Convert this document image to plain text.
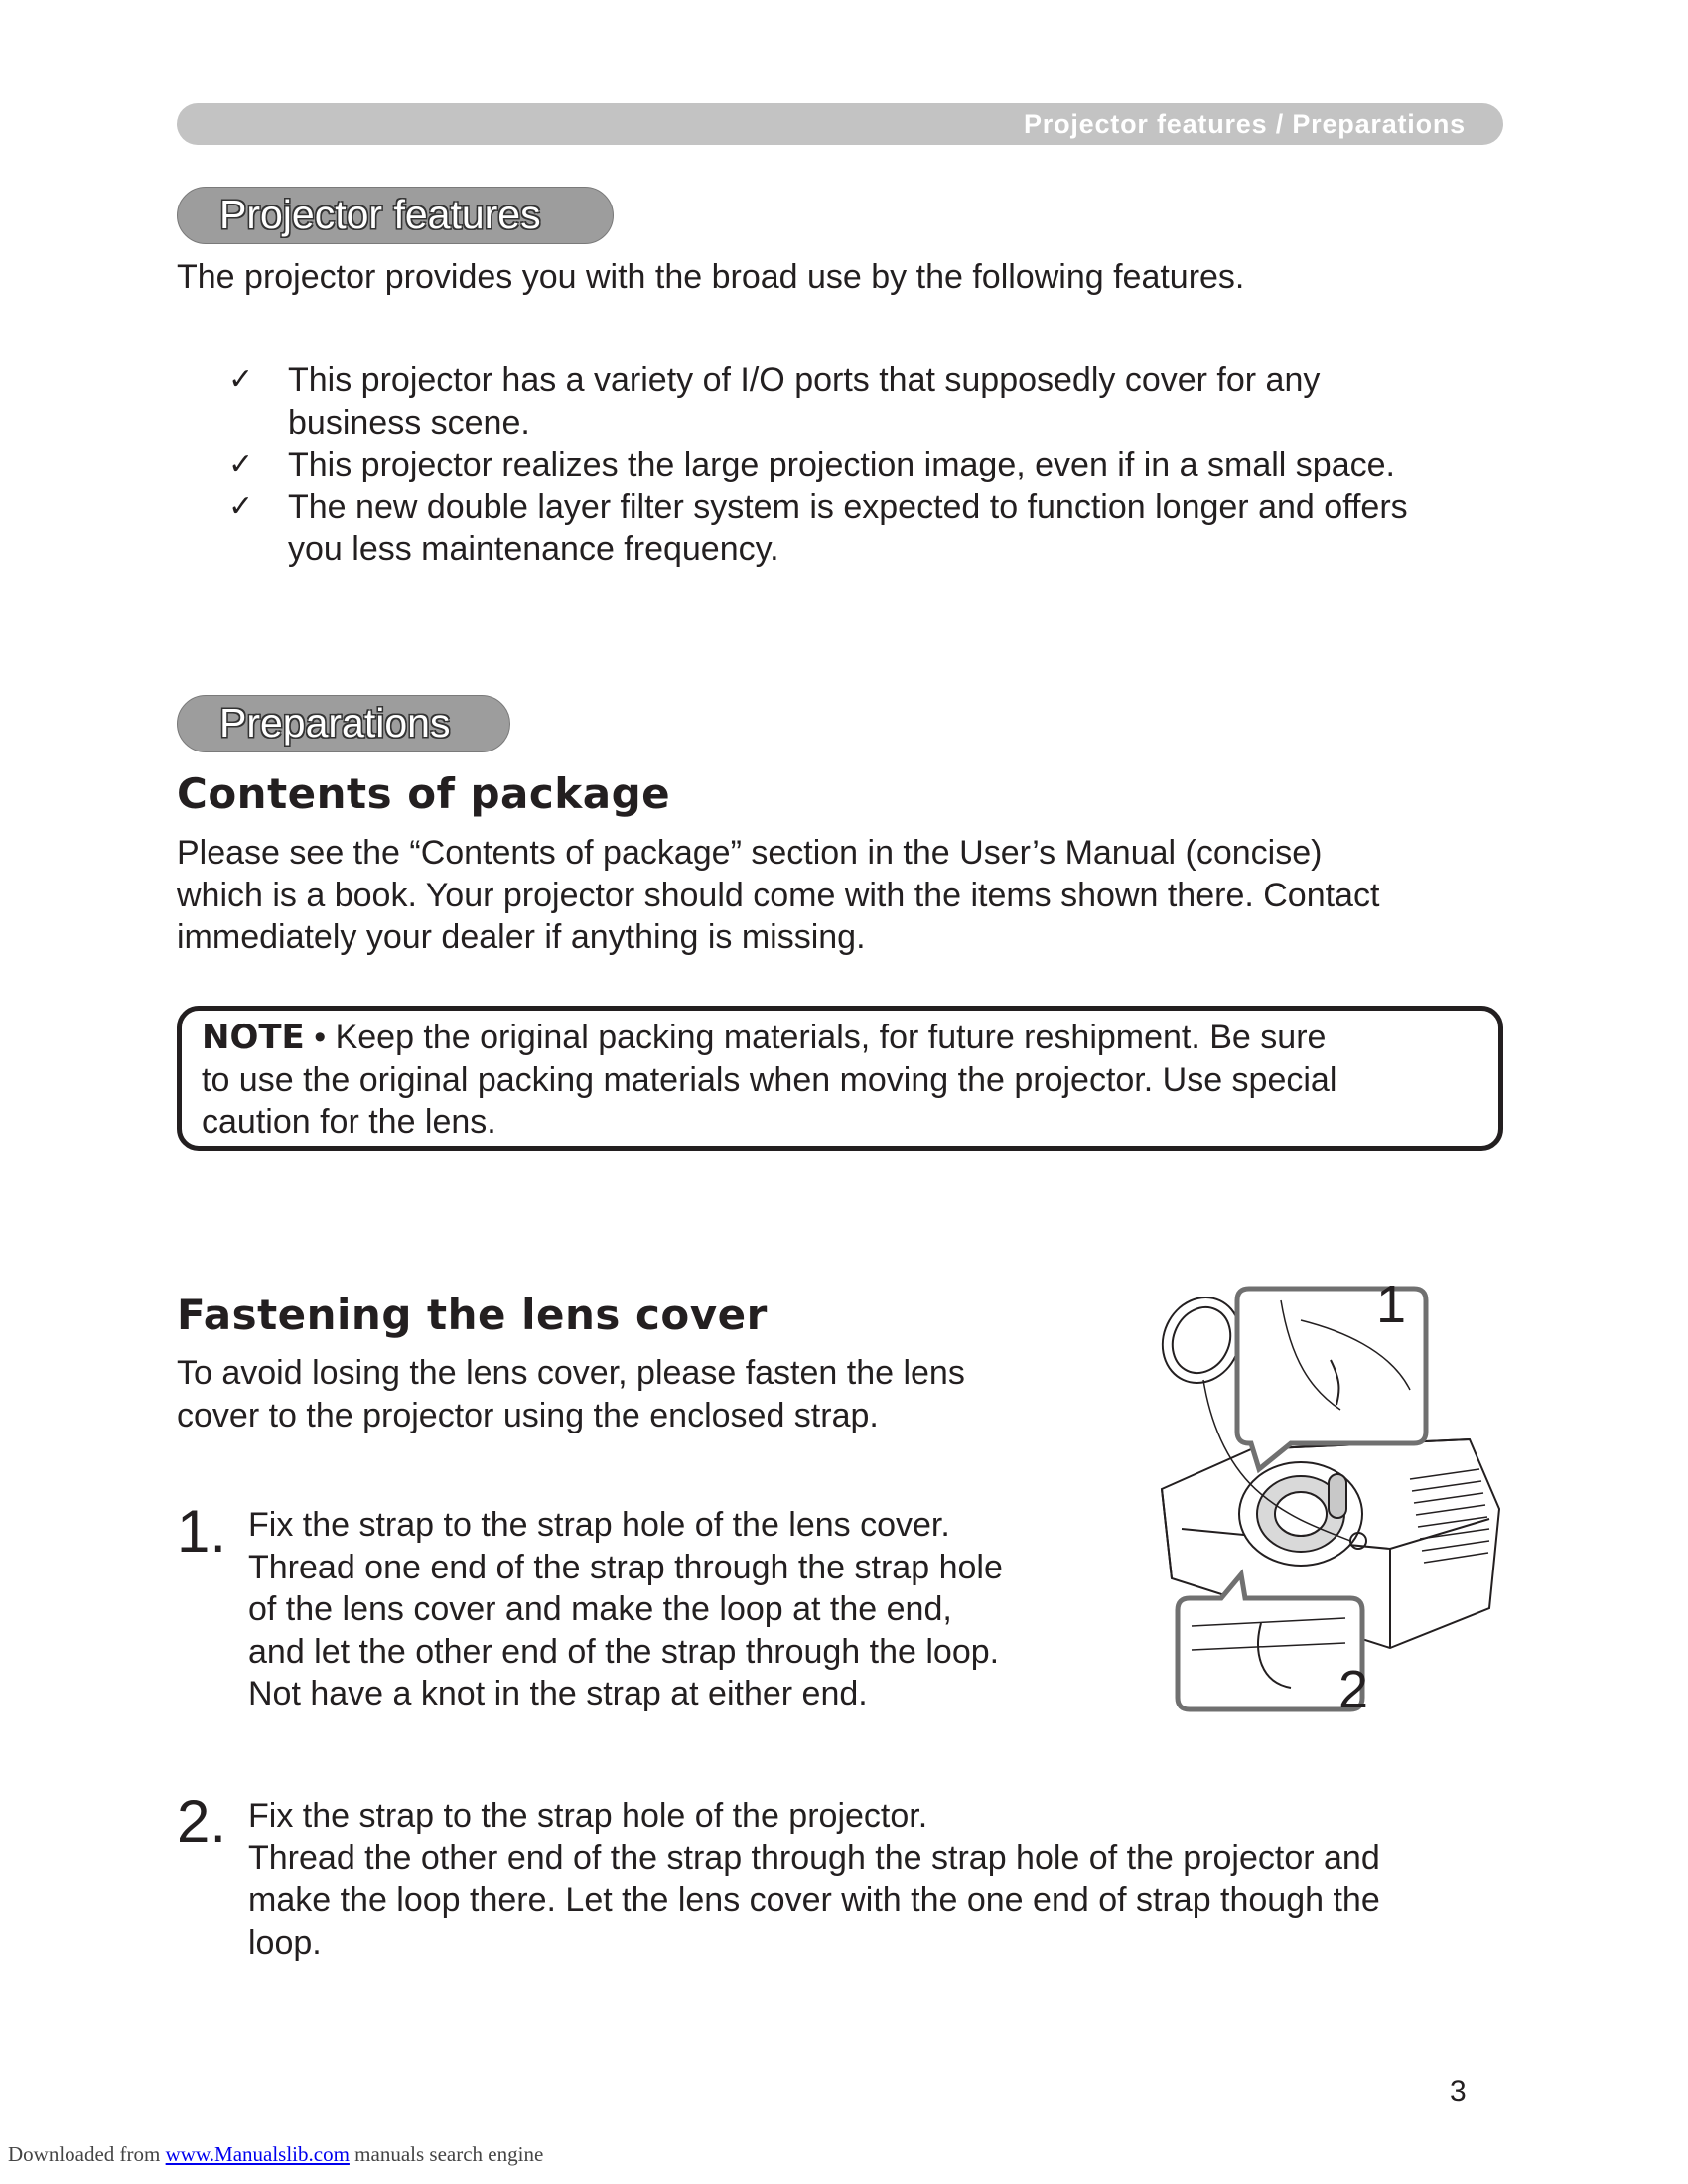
Projector features / Preparations
Projector features

The projector provides you with the broad use by the following features.

✓ This projector has a variety of I/O ports that supposedly cover for any
business scene.
✓ This projector realizes the large projection image, even if in a small space.
✓ The new double layer filter system is expected to function longer and offers
you less maintenance frequency.
Preparations
Contents of package

Please see the “Contents of package” section in the User’s Manual (concise)
which is a book. Your projector should come with the items shown there. Contact
immediately your dealer if anything is missing.

NOTE • Keep the original packing materials, for future reshipment. Be sure
to use the original packing materials when moving the projector. Use special
caution for the lens.

Fastening the lens cover

To avoid losing the lens cover, please fasten the lens
cover to the projector using the enclosed strap.

1
2
1. Fix the strap to the strap hole of the lens cover.
Thread one end of the strap through the strap hole
of the lens cover and make the loop at the end,
and let the other end of the strap through the loop.
Not have a knot in the strap at either end.

2. Fix the strap to the strap hole of the projector.
Thread the other end of the strap through the strap hole of the projector and
make the loop there. Let the lens cover with the one end of strap though the
loop.

3
Downloaded from www.Manualslib.com manuals search engine
